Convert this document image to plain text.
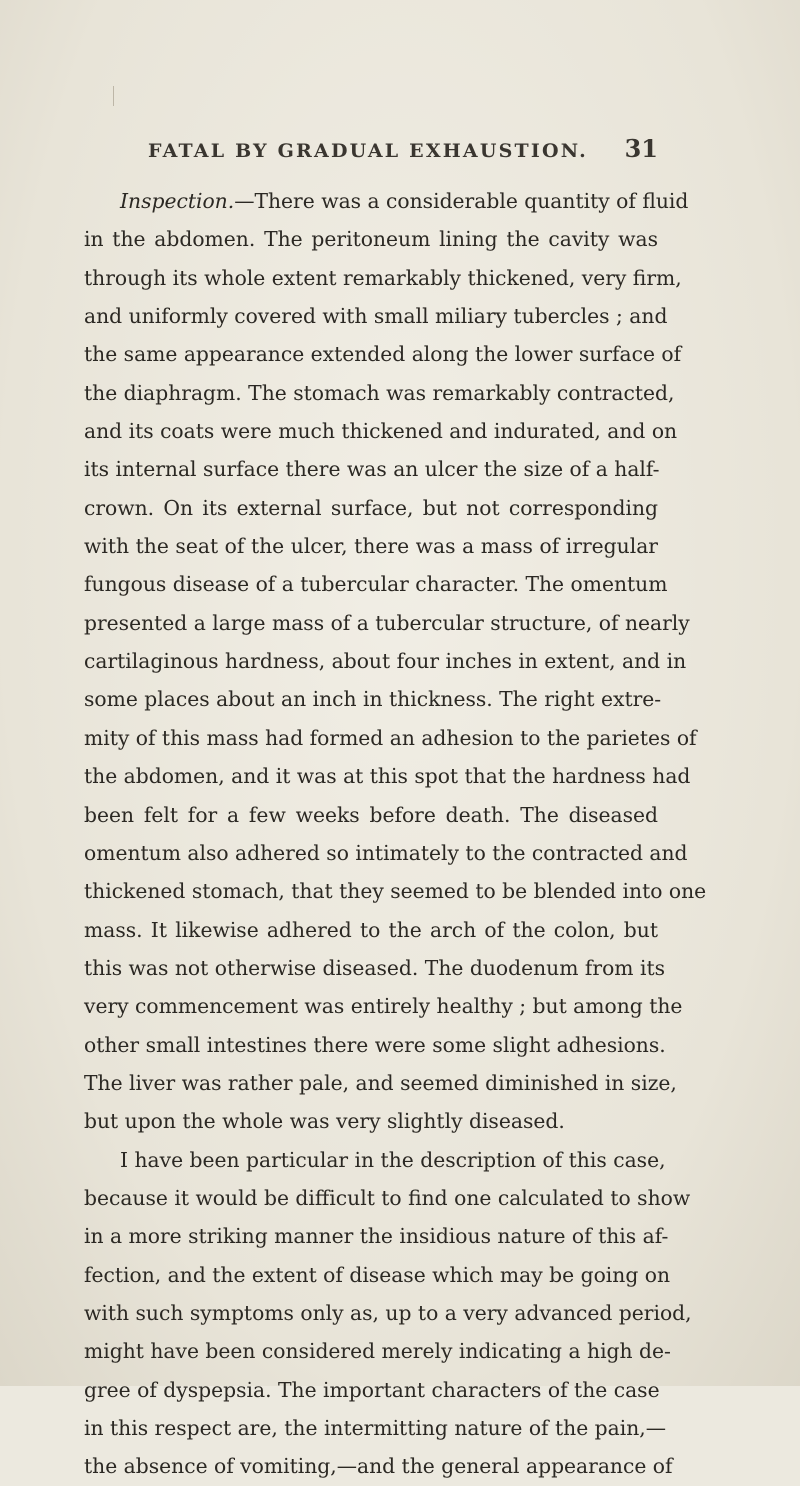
FATAL BY GRADUAL EXHAUSTION. 31
Inspection.—There was a considerable quantity of fluid
in the abdomen. The peritoneum lining the cavity was
through its whole extent remarkably thickened, very firm,
and uniformly covered with small miliary tubercles ; and
the same appearance extended along the lower surface of
the diaphragm. The stomach was remarkably contracted,
and its coats were much thickened and indurated, and on
its internal surface there was an ulcer the size of a half-
crown. On its external surface, but not corresponding
with the seat of the ulcer, there was a mass of irregular
fungous disease of a tubercular character. The omentum
presented a large mass of a tubercular structure, of nearly
cartilaginous hardness, about four inches in extent, and in
some places about an inch in thickness. The right extre-
mity of this mass had formed an adhesion to the parietes of
the abdomen, and it was at this spot that the hardness had
been felt for a few weeks before death. The diseased
omentum also adhered so intimately to the contracted and
thickened stomach, that they seemed to be blended into one
mass. It likewise adhered to the arch of the colon, but
this was not otherwise diseased. The duodenum from its
very commencement was entirely healthy ; but among the
other small intestines there were some slight adhesions.
The liver was rather pale, and seemed diminished in size,
but upon the whole was very slightly diseased.
I have been particular in the description of this case,
because it would be difficult to find one calculated to show
in a more striking manner the insidious nature of this af-
fection, and the extent of disease which may be going on
with such symptoms only as, up to a very advanced period,
might have been considered merely indicating a high de-
gree of dyspepsia. The important characters of the case
in this respect are, the intermitting nature of the pain,—
the absence of vomiting,—and the general appearance of
